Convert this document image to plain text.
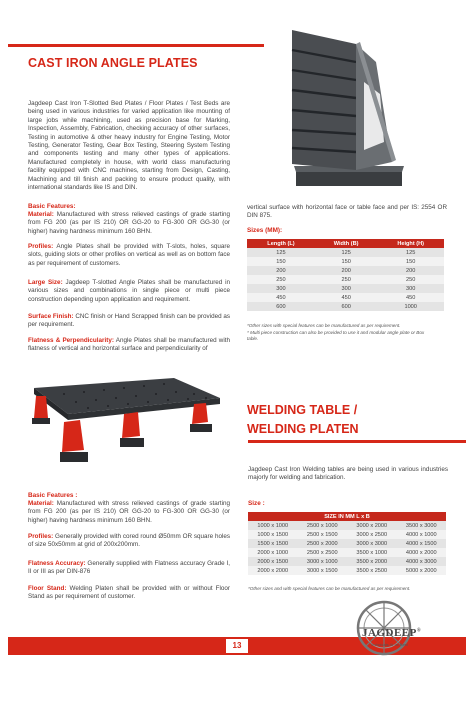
CAST IRON ANGLE PLATES
Jagdeep Cast Iron T-Slotted Bed Plates / Floor Plates / Test Beds are being used in various industries for varied application like mounting of large jobs while machining, used as precision base for Marking, Inspection, Assembly, Fabrication, checking accuracy of other surfaces, Testing in automotive & other heavy industry for Engine Testing, Motor Testing, Generator Testing, Gear Box Testing, Steering System Testing and components testing and many other types of applications. Manufactured completely in house, with world class manufacturing facility equipped with CNC machines, starting from Design, Casting, Machining and till finish and packing to ensure product quality, with international standards like IS and DIN.
Basic Features:
Material: Manufactured with stress relieved castings of grade starting from FG 200 (as per IS 210) OR GG-20 to FG-300 OR GG-30 (or higher) having hardness minimum 160 BHN.
Profiles: Angle Plates shall be provided with T-slots, holes, square slots, guiding slots or other profiles on vertical as well as on bottom face as per requirement of customers.
Large Size: Jagdeep T-slotted Angle Plates shall be manufactured in various sizes and combinations in single piece or multi piece construction depending upon application and requirement.
Surface Finish: CNC finish or Hand Scrapped finish can be provided as per requirement.
Flatness & Perpendicularity: Angle Plates shall be manufactured with flatness of vertical and horizontal surface and perpendicularity of
vertical surface with horizontal face or table face and per IS: 2554 OR DIN 875.
Sizes (MM):
Length (L)	Width (B)	Height (H)
125	125	125
150	150	150
200	200	200
250	250	250
300	300	300
450	450	450
600	600	1000
*Other sizes with special features can be manufactured as per requirement.
* Multi piece construction can also be provided to use it and modular angle plate or Box table.
WELDING TABLE /
WELDING PLATEN
Jagdeep Cast Iron Welding tables are being used in various industries majorly for welding and fabrication.
Basic Features :
Material: Manufactured with stress relieved castings of grade starting from FG 200 (as per IS 210) OR GG-20 to FG-300 OR GG-30 (or higher) having hardness minimum 160 BHN.
Profiles: Generally provided with cored round Ø50mm OR square holes of size 50x50mm at grid of 200x200mm.
Flatness Accuracy: Generally supplied with Flatness accuracy Grade I, II or III as per DIN-876
Floor Stand: Welding Platen shall be provided with or without Floor Stand as per requirement of customer.
Size :
SIZE IN MM L x B			
1000 x 1000	2500 x 1000	3000 x 2000	3500 x 3000
1000 x 1500	2500 x 1500	3000 x 2500	4000 x 1000
1500 x 1500	2500 x 2000	3000 x 3000	4000 x 1500
2000 x 1000	2500 x 2500	3500 x 1000	4000 x 2000
2000 x 1500	3000 x 1000	3500 x 2000	4000 x 3000
2000 x 2000	3000 x 1500	3500 x 2500	5000 x 2000
*Other sizes and with special features can be manufactured as per requirement.
13
JAGDEEP®
Technicals At Its Best
